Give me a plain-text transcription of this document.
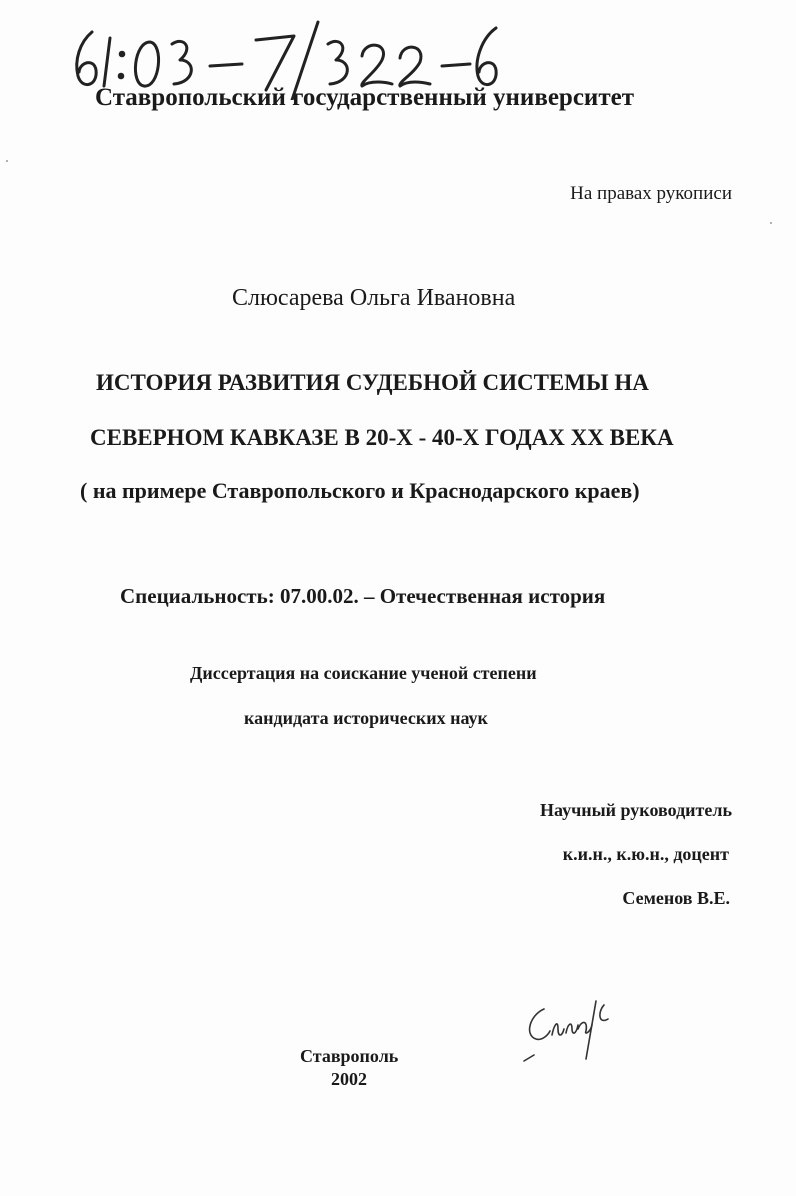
Ставропольский государственный университет
На правах рукописи
Слюсарева Ольга Ивановна
ИСТОРИЯ РАЗВИТИЯ СУДЕБНОЙ СИСТЕМЫ НА
СЕВЕРНОМ КАВКАЗЕ В 20-Х - 40-Х ГОДАХ ХХ ВЕКА
( на примере Ставропольского и Краснодарского краев)
Специальность: 07.00.02. – Отечественная история
Диссертация на соискание ученой степени
кандидата исторических наук
Научный руководитель
к.и.н., к.ю.н., доцент
Семенов В.Е.
Ставрополь
2002
